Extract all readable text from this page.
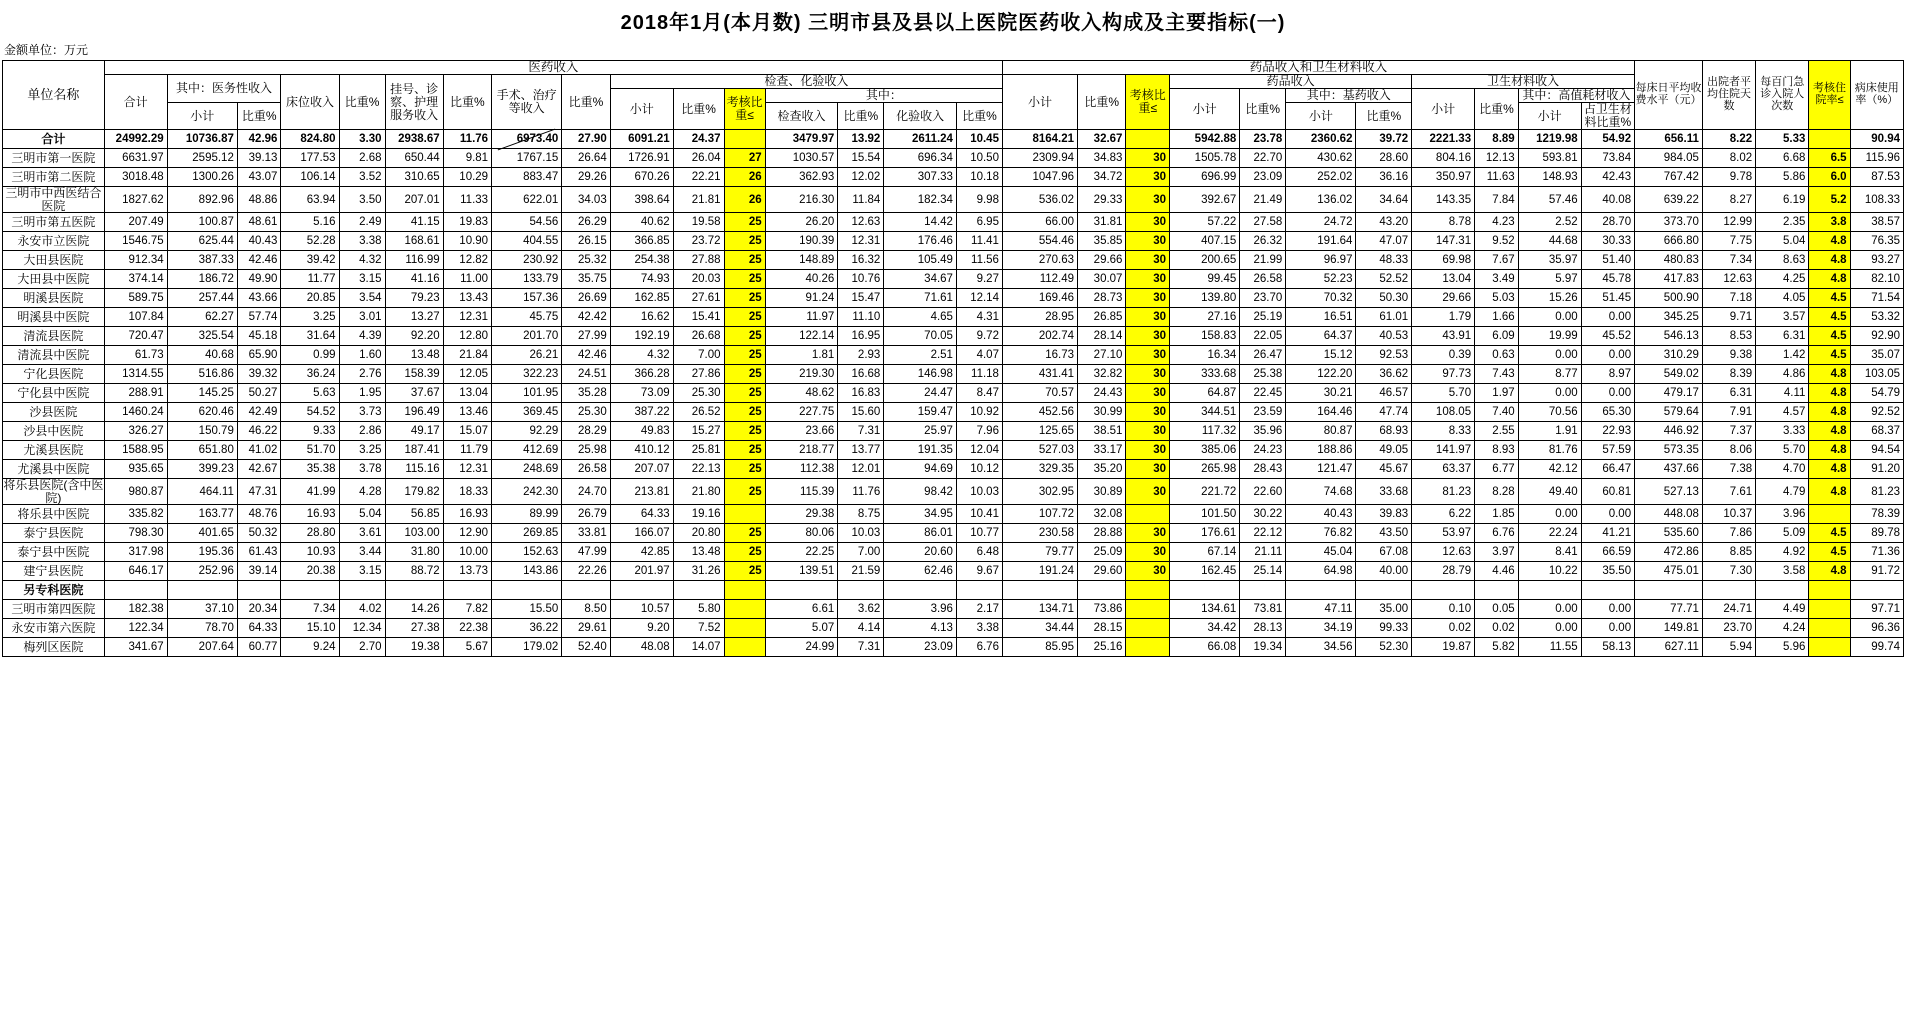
2018年1月(本月数) 三明市县及县以上医院医药收入构成及主要指标(一)
金额单位：万元
单位名称	医药收入																药品收入和卫生材料收入											每床日平均收费水平（元）	出院者平均住院天数	每百门急诊入院人次数	考核住院率≤	病床使用率（%）
	合计	其中：医务性收入		床位收入	比重%	挂号、诊察、护理服务收入	比重%	手术、治疗等收入	比重%	检查、化验收入							小计	比重%	考核比重≤	药品收入				卫生材料收入								
										小计	比重%	考核比重≤	其中：							小计	比重%	其中：基药收入		小计	比重%	其中：高值耗材收入						
		小计	比重%										检查收入	比重%	化验收入	比重%																
																						小计	比重%			小计	占卫生材料比重%					

合计	24992.29	10736.87	42.96	824.80	3.30	2938.67	11.76	6973.40	27.90	6091.21	24.37		3479.97	13.92	2611.24	10.45	8164.21	32.67		5942.88	23.78	2360.62	39.72	2221.33	8.89	1219.98	54.92	656.11	8.22	5.33		90.94
三明市第一医院	6631.97	2595.12	39.13	177.53	2.68	650.44	9.81	1767.15	26.64	1726.91	26.04	27	1030.57	15.54	696.34	10.50	2309.94	34.83	30	1505.78	22.70	430.62	28.60	804.16	12.13	593.81	73.84	984.05	8.02	6.68	6.5	115.96
三明市第二医院	3018.48	1300.26	43.07	106.14	3.52	310.65	10.29	883.47	29.26	670.26	22.21	26	362.93	12.02	307.33	10.18	1047.96	34.72	30	696.99	23.09	252.02	36.16	350.97	11.63	148.93	42.43	767.42	9.78	5.86	6.0	87.53
三明市中西医结合医院	1827.62	892.96	48.86	63.94	3.50	207.01	11.33	622.01	34.03	398.64	21.81	26	216.30	11.84	182.34	9.98	536.02	29.33	30	392.67	21.49	136.02	34.64	143.35	7.84	57.46	40.08	639.22	8.27	6.19	5.2	108.33
三明市第五医院	207.49	100.87	48.61	5.16	2.49	41.15	19.83	54.56	26.29	40.62	19.58	25	26.20	12.63	14.42	6.95	66.00	31.81	30	57.22	27.58	24.72	43.20	8.78	4.23	2.52	28.70	373.70	12.99	2.35	3.8	38.57
永安市立医院	1546.75	625.44	40.43	52.28	3.38	168.61	10.90	404.55	26.15	366.85	23.72	25	190.39	12.31	176.46	11.41	554.46	35.85	30	407.15	26.32	191.64	47.07	147.31	9.52	44.68	30.33	666.80	7.75	5.04	4.8	76.35
大田县医院	912.34	387.33	42.46	39.42	4.32	116.99	12.82	230.92	25.32	254.38	27.88	25	148.89	16.32	105.49	11.56	270.63	29.66	30	200.65	21.99	96.97	48.33	69.98	7.67	35.97	51.40	480.83	7.34	8.63	4.8	93.27
大田县中医院	374.14	186.72	49.90	11.77	3.15	41.16	11.00	133.79	35.75	74.93	20.03	25	40.26	10.76	34.67	9.27	112.49	30.07	30	99.45	26.58	52.23	52.52	13.04	3.49	5.97	45.78	417.83	12.63	4.25	4.8	82.10
明溪县医院	589.75	257.44	43.66	20.85	3.54	79.23	13.43	157.36	26.69	162.85	27.61	25	91.24	15.47	71.61	12.14	169.46	28.73	30	139.80	23.70	70.32	50.30	29.66	5.03	15.26	51.45	500.90	7.18	4.05	4.5	71.54
明溪县中医院	107.84	62.27	57.74	3.25	3.01	13.27	12.31	45.75	42.42	16.62	15.41	25	11.97	11.10	4.65	4.31	28.95	26.85	30	27.16	25.19	16.51	61.01	1.79	1.66	0.00	0.00	345.25	9.71	3.57	4.5	53.32
清流县医院	720.47	325.54	45.18	31.64	4.39	92.20	12.80	201.70	27.99	192.19	26.68	25	122.14	16.95	70.05	9.72	202.74	28.14	30	158.83	22.05	64.37	40.53	43.91	6.09	19.99	45.52	546.13	8.53	6.31	4.5	92.90
清流县中医院	61.73	40.68	65.90	0.99	1.60	13.48	21.84	26.21	42.46	4.32	7.00	25	1.81	2.93	2.51	4.07	16.73	27.10	30	16.34	26.47	15.12	92.53	0.39	0.63	0.00	0.00	310.29	9.38	1.42	4.5	35.07
宁化县医院	1314.55	516.86	39.32	36.24	2.76	158.39	12.05	322.23	24.51	366.28	27.86	25	219.30	16.68	146.98	11.18	431.41	32.82	30	333.68	25.38	122.20	36.62	97.73	7.43	8.77	8.97	549.02	8.39	4.86	4.8	103.05
宁化县中医院	288.91	145.25	50.27	5.63	1.95	37.67	13.04	101.95	35.28	73.09	25.30	25	48.62	16.83	24.47	8.47	70.57	24.43	30	64.87	22.45	30.21	46.57	5.70	1.97	0.00	0.00	479.17	6.31	4.11	4.8	54.79
沙县医院	1460.24	620.46	42.49	54.52	3.73	196.49	13.46	369.45	25.30	387.22	26.52	25	227.75	15.60	159.47	10.92	452.56	30.99	30	344.51	23.59	164.46	47.74	108.05	7.40	70.56	65.30	579.64	7.91	4.57	4.8	92.52
沙县中医院	326.27	150.79	46.22	9.33	2.86	49.17	15.07	92.29	28.29	49.83	15.27	25	23.66	7.31	25.97	7.96	125.65	38.51	30	117.32	35.96	80.87	68.93	8.33	2.55	1.91	22.93	446.92	7.37	3.33	4.8	68.37
尤溪县医院	1588.95	651.80	41.02	51.70	3.25	187.41	11.79	412.69	25.98	410.12	25.81	25	218.77	13.77	191.35	12.04	527.03	33.17	30	385.06	24.23	188.86	49.05	141.97	8.93	81.76	57.59	573.35	8.06	5.70	4.8	94.54
尤溪县中医院	935.65	399.23	42.67	35.38	3.78	115.16	12.31	248.69	26.58	207.07	22.13	25	112.38	12.01	94.69	10.12	329.35	35.20	30	265.98	28.43	121.47	45.67	63.37	6.77	42.12	66.47	437.66	7.38	4.70	4.8	91.20
将乐县医院(含中医院)	980.87	464.11	47.31	41.99	4.28	179.82	18.33	242.30	24.70	213.81	21.80	25	115.39	11.76	98.42	10.03	302.95	30.89	30	221.72	22.60	74.68	33.68	81.23	8.28	49.40	60.81	527.13	7.61	4.79	4.8	81.23
将乐县中医院	335.82	163.77	48.76	16.93	5.04	56.85	16.93	89.99	26.79	64.33	19.16		29.38	8.75	34.95	10.41	107.72	32.08		101.50	30.22	40.43	39.83	6.22	1.85	0.00	0.00	448.08	10.37	3.96		78.39
泰宁县医院	798.30	401.65	50.32	28.80	3.61	103.00	12.90	269.85	33.81	166.07	20.80	25	80.06	10.03	86.01	10.77	230.58	28.88	30	176.61	22.12	76.82	43.50	53.97	6.76	22.24	41.21	535.60	7.86	5.09	4.5	89.78
泰宁县中医院	317.98	195.36	61.43	10.93	3.44	31.80	10.00	152.63	47.99	42.85	13.48	25	22.25	7.00	20.60	6.48	79.77	25.09	30	67.14	21.11	45.04	67.08	12.63	3.97	8.41	66.59	472.86	8.85	4.92	4.5	71.36
建宁县医院	646.17	252.96	39.14	20.38	3.15	88.72	13.73	143.86	22.26	201.97	31.26	25	139.51	21.59	62.46	9.67	191.24	29.60	30	162.45	25.14	64.98	40.00	28.79	4.46	10.22	35.50	475.01	7.30	3.58	4.8	91.72
另专科医院																																
三明市第四医院	182.38	37.10	20.34	7.34	4.02	14.26	7.82	15.50	8.50	10.57	5.80		6.61	3.62	3.96	2.17	134.71	73.86		134.61	73.81	47.11	35.00	0.10	0.05	0.00	0.00	77.71	24.71	4.49		97.71
永安市第六医院	122.34	78.70	64.33	15.10	12.34	27.38	22.38	36.22	29.61	9.20	7.52		5.07	4.14	4.13	3.38	34.44	28.15		34.42	28.13	34.19	99.33	0.02	0.02	0.00	0.00	149.81	23.70	4.24		96.36
梅列区医院	341.67	207.64	60.77	9.24	2.70	19.38	5.67	179.02	52.40	48.08	14.07		24.99	7.31	23.09	6.76	85.95	25.16		66.08	19.34	34.56	52.30	19.87	5.82	11.55	58.13	627.11	5.94	5.96		99.74
